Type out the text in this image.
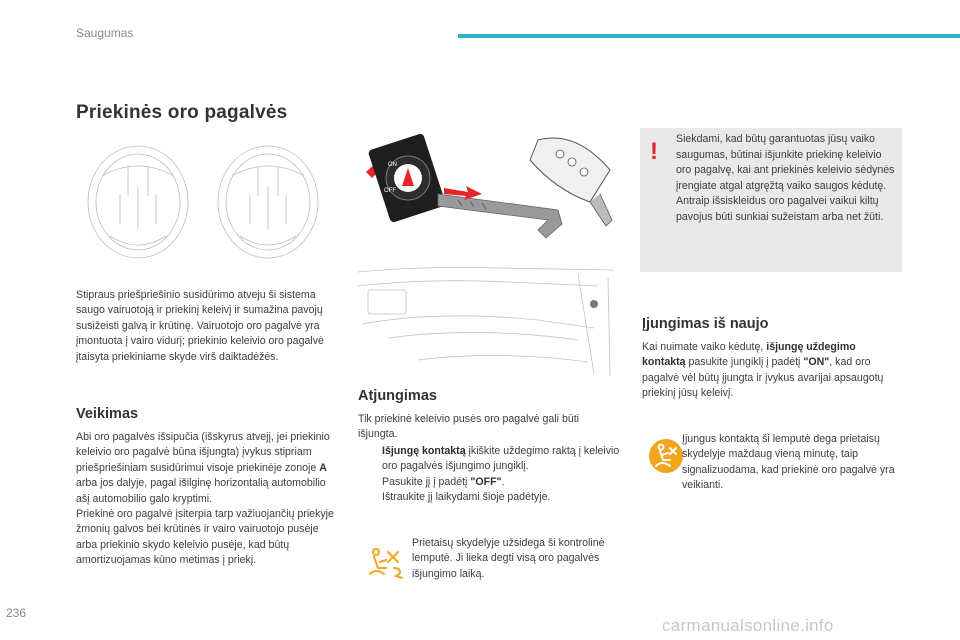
Saugumas
Priekinės oro pagalvės

Stipraus priešpriešinio susidūrimo atveju ši sistema saugo vairuotoją ir priekinį keleivį ir sumažina pavojų susižeisti galvą ir krūtinę. Vairuotojo oro pagalvė yra įmontuota į vairo vidurį; priekinio keleivio oro pagalvė įtaisyta priekiniame skyde virš daiktadėžės.

Veikimas

Abi oro pagalvės išsipučia (išskyrus atvejį, jei priekinio keleivio oro pagalvė būna išjungta) įvykus stipriam priešpriešiniam susidūrimui visoje priekinėje zonoje A arba jos dalyje, pagal išilginę horizontalią automobilio ašį automobilio galo kryptimi.
Priekinė oro pagalvė įsiterpia tarp važiuojančių priekyje žmonių galvos bei krūtinės ir vairo vairuotojo pusėje arba priekinio skydo keleivio pusėje, kad būtų amortizuojamas kūno metimas į priekį.

ON
OFF
Atjungimas

Tik priekinė keleivio pusės oro pagalvė gali būti išjungta.

Išjungę kontaktą įkiškite uždegimo raktą į keleivio oro pagalvės išjungimo jungiklį.
Pasukite jį į padėtį "OFF".
Ištraukite jį laikydami šioje padėtyje.

Prietaisų skydelyje užsidega ši kontrolinė lemputė. Ji lieka degti visą oro pagalvės išjungimo laiką.

! Siekdami, kad būtų garantuotas jūsų vaiko saugumas, būtinai išjunkite priekinę keleivio oro pagalvę, kai ant priekinės keleivio sėdynės įrengiate atgal atgręžtą vaiko saugos kėdutę. Antraip išsiskleidus oro pagalvei vaikui kiltų pavojus būti sunkiai sužeistam arba net žūti.

Įjungimas iš naujo

Kai nuimate vaiko kėdutę, išjungę uždegimo kontaktą pasukite jungiklį į padėtį "ON", kad oro pagalvė vėl būtų įjungta ir įvykus avarijai apsaugotų priekinį jūsų keleivį.

Įjungus kontaktą ši lemputė dega prietaisų skydelyje maždaug vieną minutę, taip signalizuodama, kad priekinė oro pagalvė yra veikianti.

236
carmanualsonline.info
